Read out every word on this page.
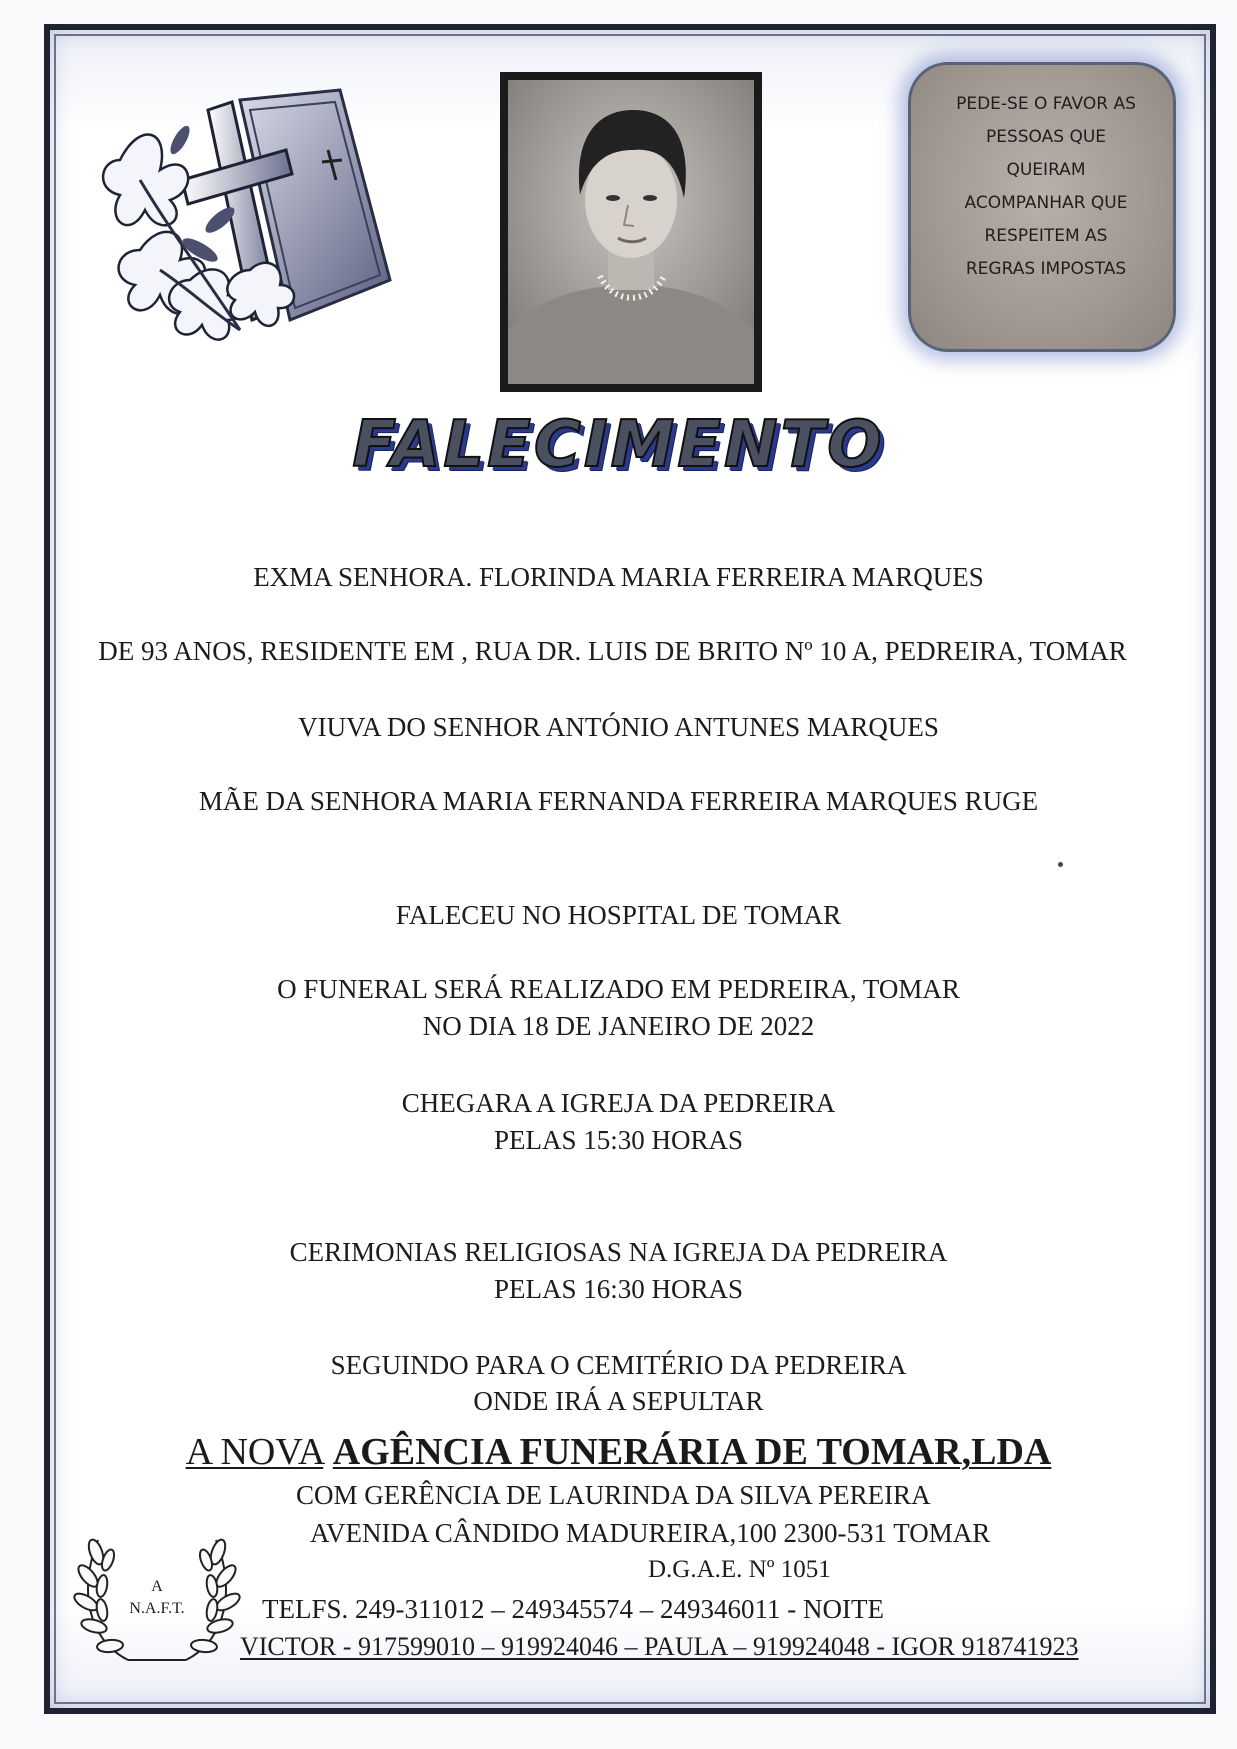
PEDE-SE O FAVOR AS
PESSOAS QUE
QUEIRAM
ACOMPANHAR QUE
RESPEITEM AS
REGRAS IMPOSTAS
FALECIMENTO
EXMA SENHORA. FLORINDA MARIA FERREIRA MARQUES
DE 93 ANOS, RESIDENTE EM , RUA DR. LUIS DE BRITO Nº 10 A, PEDREIRA, TOMAR
VIUVA DO SENHOR ANTÓNIO ANTUNES MARQUES
MÃE DA SENHORA MARIA FERNANDA FERREIRA MARQUES RUGE
FALECEU NO HOSPITAL DE TOMAR
O FUNERAL SERÁ REALIZADO EM PEDREIRA, TOMAR
NO DIA 18 DE JANEIRO DE 2022
CHEGARA A IGREJA DA PEDREIRA
PELAS 15:30 HORAS
CERIMONIAS RELIGIOSAS NA IGREJA DA PEDREIRA
PELAS 16:30 HORAS
SEGUINDO PARA O CEMITÉRIO DA PEDREIRA
ONDE IRÁ A SEPULTAR
A NOVA AGÊNCIA FUNERÁRIA DE TOMAR,LDA
COM GERÊNCIA DE LAURINDA DA SILVA PEREIRA
AVENIDA CÂNDIDO MADUREIRA,100 2300-531 TOMAR
D.G.A.E. Nº 1051
TELFS. 249-311012 – 249345574 – 249346011 - NOITE
VICTOR - 917599010 – 919924046 – PAULA – 919924048 - IGOR 918741923
A
N.A.F.T.
